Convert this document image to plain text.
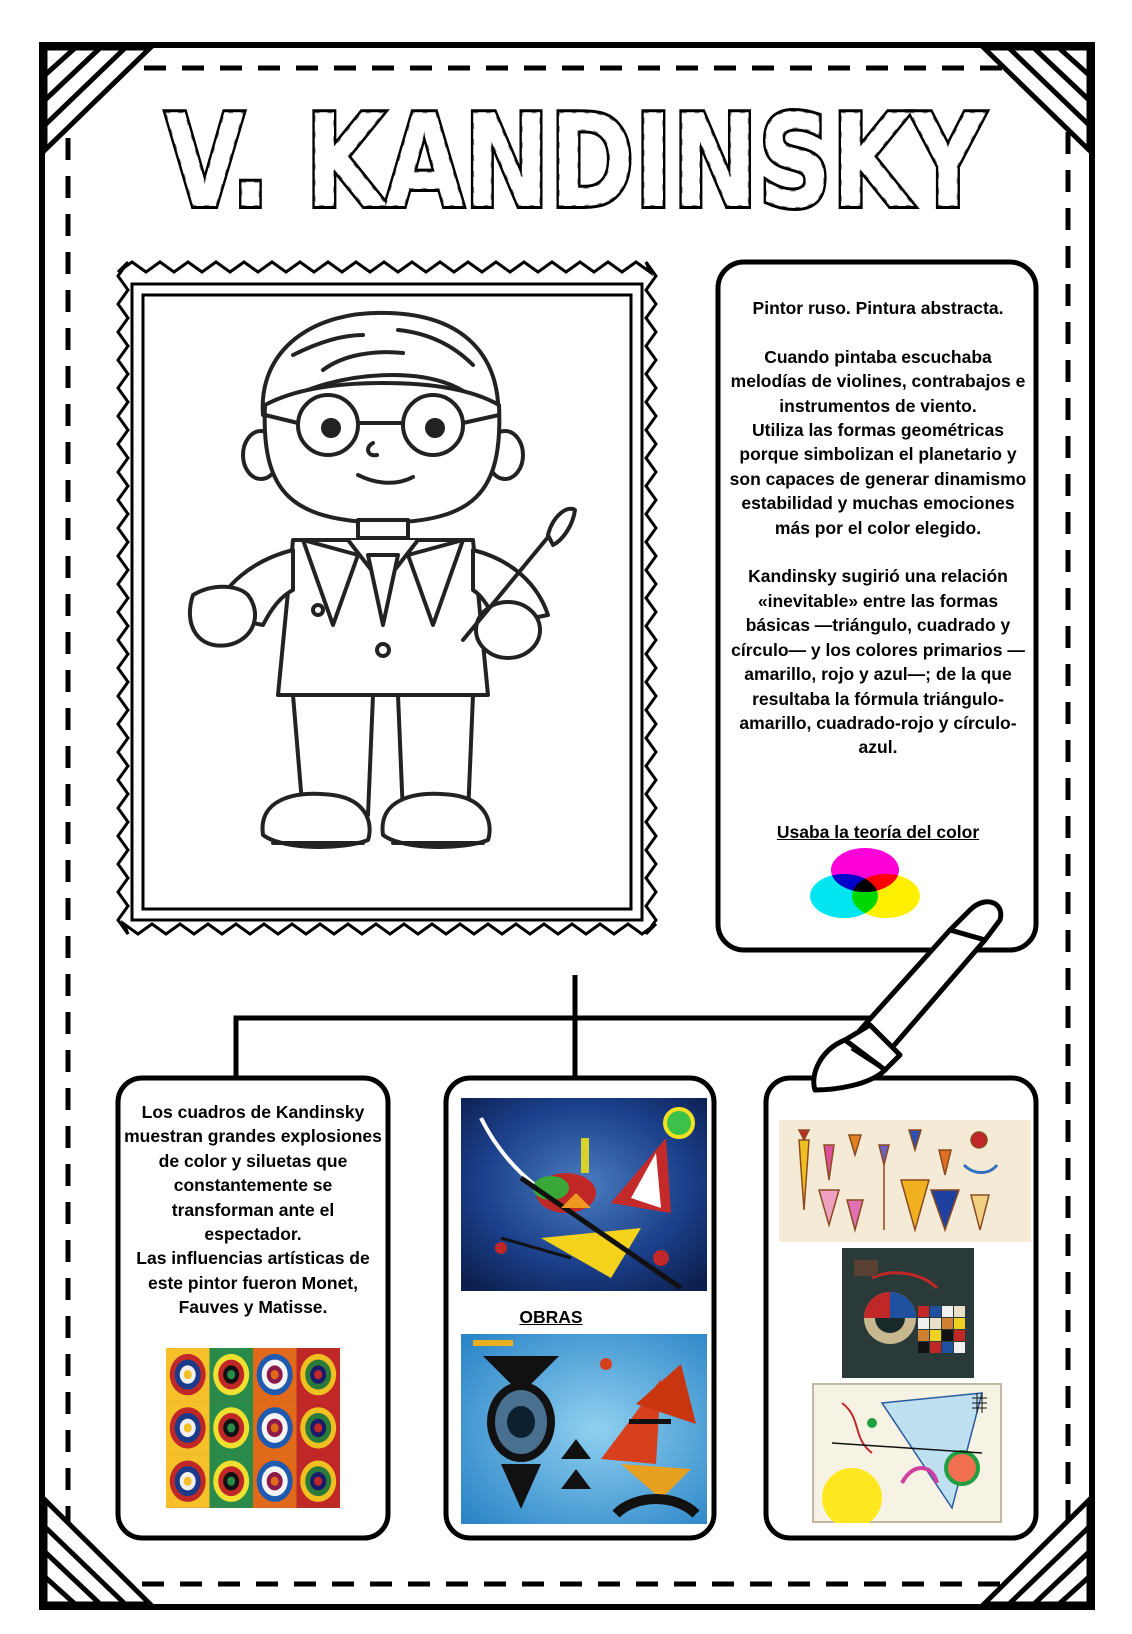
V. KANDINSKY
V. KANDINSKY
Pintor ruso. Pintura abstracta.

Cuando pintaba escuchaba melodías de violines, contrabajos e instrumentos de viento.
Utiliza las formas geométricas porque simbolizan el planetario y son capaces de generar dinamismo estabilidad y muchas emociones más por el color elegido.

Kandinsky sugirió una relación «inevitable» entre las formas básicas —triángulo, cuadrado y círculo— y los colores primarios —amarillo, rojo y azul—; de la que resultaba la fórmula triángulo-amarillo, cuadrado-rojo y círculo-azul.
Usaba la teoría del color
Los cuadros de Kandinsky muestran grandes explosiones de color y siluetas que constantemente se transforman ante el espectador.
Las influencias artísticas de este pintor fueron Monet, Fauves y Matisse.	OBRAS
